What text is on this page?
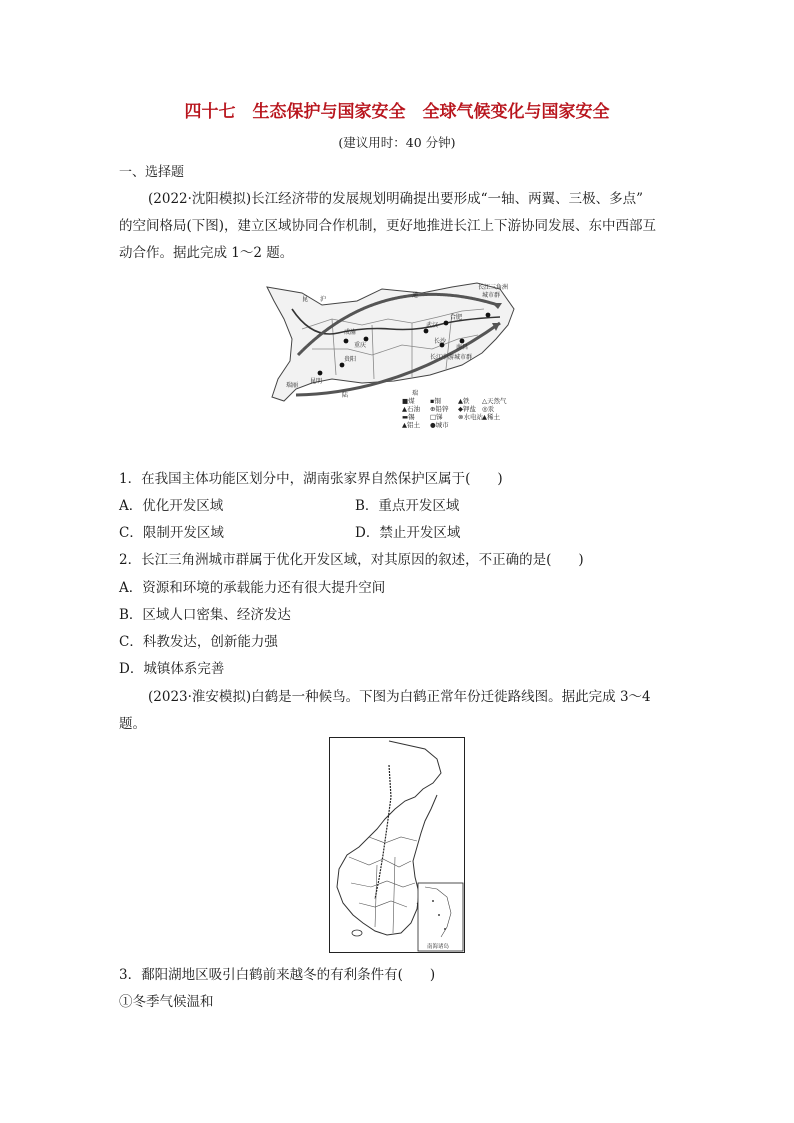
四十七　生态保护与国家安全　全球气候变化与国家安全
(建议用时：40 分钟)
一、选择题
(2022·沈阳模拟)长江经济带的发展规划明确提出要形成“一轴、两翼、三极、多点”
的空间格局(下图)，建立区域协同合作机制，更好地推进长江上下游协同发展、东中西部互
动合作。据此完成 1～2 题。
长江三角洲
城市群
长江中游城市群
成渝
重庆
贵阳
昆明
合肥
武汉
南昌
长沙
沪
瑞丽
昆
通
瑞
陆
■煤 ▪铜	▲铁 △天然气
▲石油 ⊕铅锌 ◆钾盐 ◎汞
▬锡 □锑 ⊗水电站 ▲稀土
▲铝土 ●城市
1．在我国主体功能区划分中，湖南张家界自然保护区属于(　　)
A．优化开发区域	B．重点开发区域
C．限制开发区域	D．禁止开发区域
2．长江三角洲城市群属于优化开发区域，对其原因的叙述，不正确的是(　　)
A．资源和环境的承载能力还有很大提升空间
B．区域人口密集、经济发达
C．科教发达，创新能力强
D．城镇体系完善
(2023·淮安模拟)白鹤是一种候鸟。下图为白鹤正常年份迁徙路线图。据此完成 3～4
题。
南海诸岛
3．鄱阳湖地区吸引白鹤前来越冬的有利条件有(　　)
①冬季气候温和
